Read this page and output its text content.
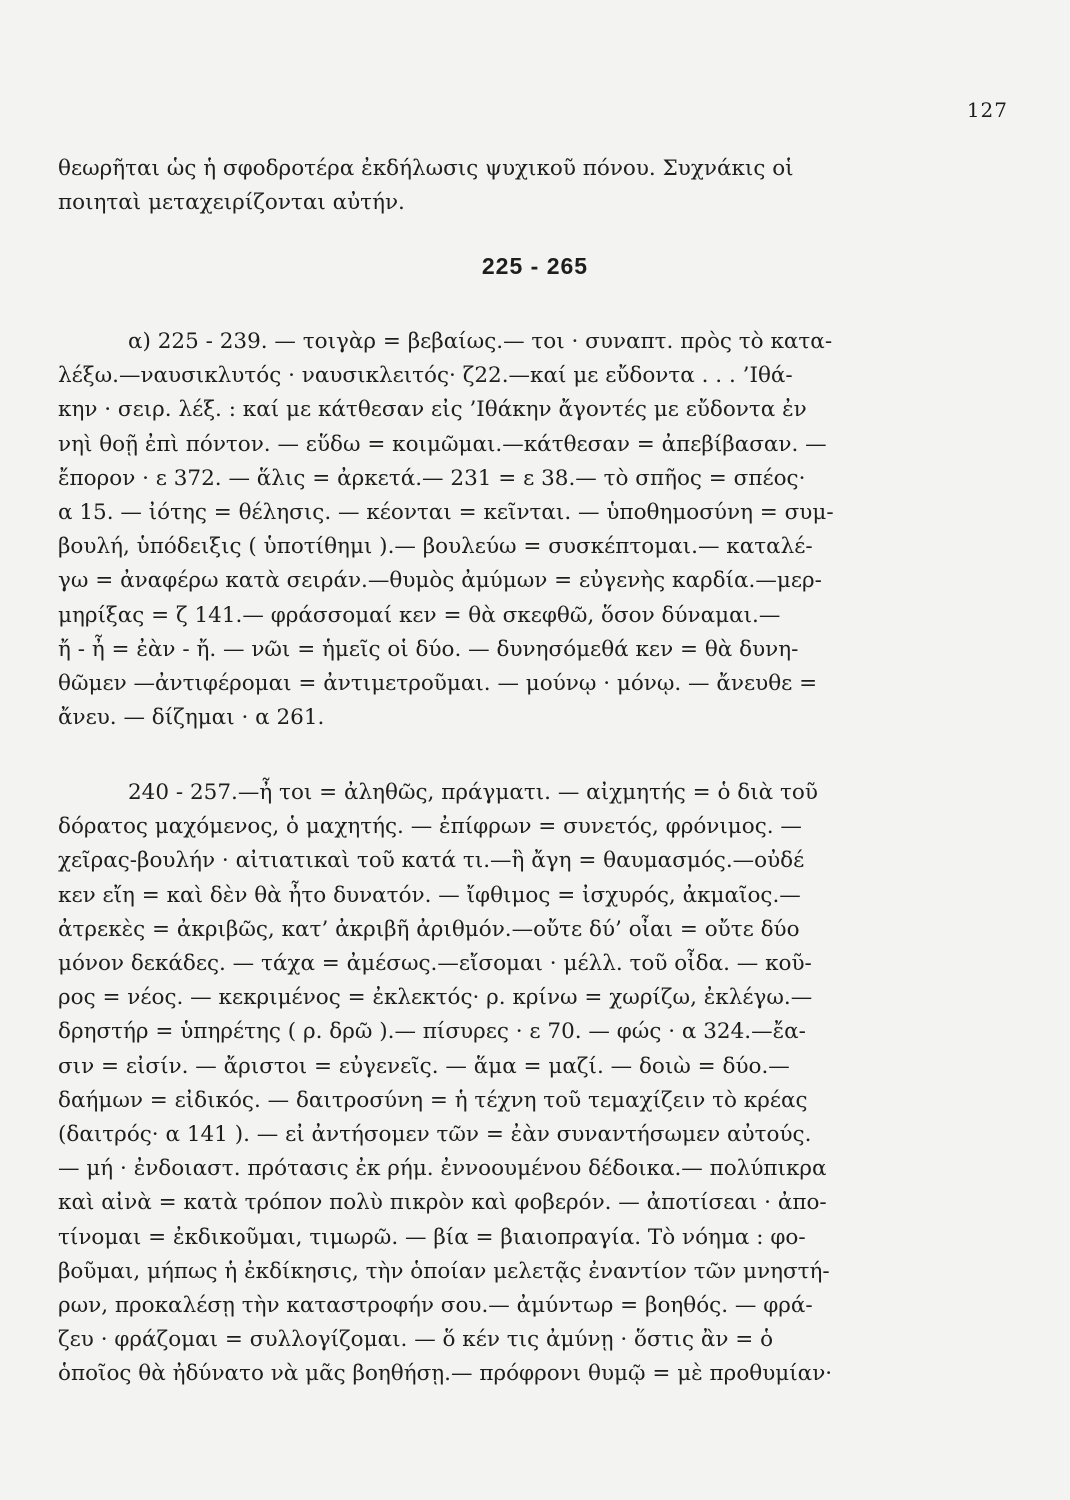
127
θεωρῆται ὡς ἡ σφοδροτέρα ἐκδήλωσις ψυχικοῦ πόνου. Συχνάκις οἱ
ποιηταὶ μεταχειρίζονται αὐτήν.
225 - 265
α) 225 - 239. — τοιγὰρ = βεβαίως.— τοι · συναπτ. πρὸς τὸ κατα-
λέξω.—ναυσικλυτός · ναυσικλειτός· ζ22.—καί με εὔδοντα . . . ’Ιθά-
κην · σειρ. λέξ. : καί με κάτθεσαν εἰς ’Ιθάκην ἄγοντές με εὔδοντα ἐν
νηὶ θοῇ ἐπὶ πόντον. — εὕδω = κοιμῶμαι.—κάτθεσαν = ἀπεβίβασαν. —
ἔπορον · ε 372. — ἅλις = ἀρκετά.— 231 = ε 38.— τὸ σπῆος = σπέος·
α 15. — ἰότης = θέλησις. — κέονται = κεῖνται. — ὑποθημοσύνη = συμ-
βουλή, ὑπόδειξις ( ὑποτίθημι ).— βουλεύω = συσκέπτομαι.— καταλέ-
γω = ἀναφέρω κατὰ σειράν.—θυμὸς ἀμύμων = εὐγενὴς καρδία.—μερ-
μηρίξας = ζ 141.— φράσσομαί κεν = θὰ σκεφθῶ, ὅσον δύναμαι.—
ἤ - ἦ = ἐὰν - ἤ. — νῶι = ἡμεῖς οἱ δύο. — δυνησόμεθά κεν = θὰ δυνη-
θῶμεν —ἀντιφέρομαι = ἀντιμετροῦμαι. — μούνῳ · μόνῳ. — ἄνευθε =
ἄνευ. — δίζημαι · α 261.
240 - 257.—ἦ τοι = ἀληθῶς, πράγματι. — αἰχμητής = ὁ διὰ τοῦ
δόρατος μαχόμενος, ὁ μαχητής. — ἐπίφρων = συνετός, φρόνιμος. —
χεῖρας-βουλήν · αἰτιατικαὶ τοῦ κατά τι.—ἣ ἄγη = θαυμασμός.—οὐδέ
κεν εἴη = καὶ δὲν θὰ ἦτο δυνατόν. — ἴφθιμος = ἰσχυρός, ἀκμαῖος.—
ἀτρεκὲς = ἀκριβῶς, κατ’ ἀκριβῆ ἀριθμόν.—οὔτε δύ’ οἶαι = οὔτε δύο
μόνον δεκάδες. — τάχα = ἀμέσως.—εἴσομαι · μέλλ. τοῦ οἶδα. — κοῦ-
ρος = νέος. — κεκριμένος = ἐκλεκτός· ρ. κρίνω = χωρίζω, ἐκλέγω.—
δρηστήρ = ὑπηρέτης ( ρ. δρῶ ).— πίσυρες · ε 70. — φώς · α 324.—ἔα-
σιν = εἰσίν. — ἄριστοι = εὐγενεῖς. — ἅμα = μαζί. — δοιὼ = δύο.—
δαήμων = εἰδικός. — δαιτροσύνη = ἡ τέχνη τοῦ τεμαχίζειν τὸ κρέας
(δαιτρός· α 141 ). — εἰ ἀντήσομεν τῶν = ἐὰν συναντήσωμεν αὐτούς.
— μή · ἐνδοιαστ. πρότασις ἐκ ρήμ. ἐννοουμένου δέδοικα.— πολύπικρα
καὶ αἰνὰ = κατὰ τρόπον πολὺ πικρὸν καὶ φοβερόν. — ἀποτίσεαι · ἀπο-
τίνομαι = ἐκδικοῦμαι, τιμωρῶ. — βία = βιαιοπραγία. Τὸ νόημα : φο-
βοῦμαι, μήπως ἡ ἐκδίκησις, τὴν ὁποίαν μελετᾷς ἐναντίον τῶν μνηστή-
ρων, προκαλέσῃ τὴν καταστροφήν σου.— ἀμύντωρ = βοηθός. — φρά-
ζευ · φράζομαι = συλλογίζομαι. — ὅ κέν τις ἀμύνῃ · ὅστις ἂν = ὁ
ὁποῖος θὰ ἠδύνατο νὰ μᾶς βοηθήσῃ.— πρόφρονι θυμῷ = μὲ προθυμίαν·
